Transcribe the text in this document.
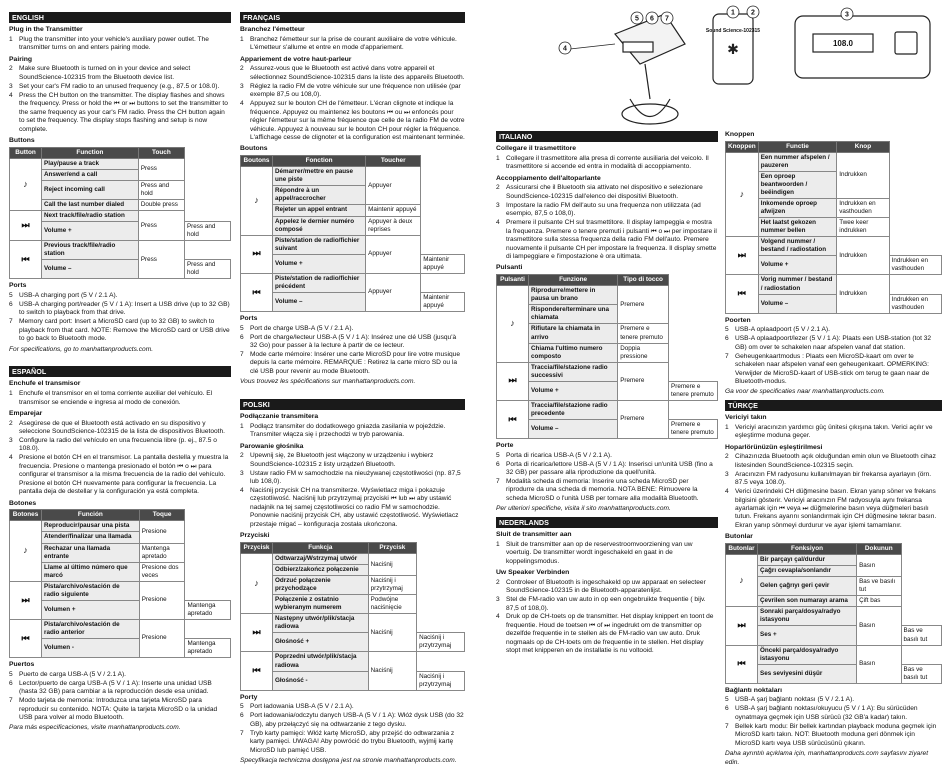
✱
4
5 6 7
1 2	3
Sound Science-102315
108.0
ENGLISH
Plug in the Transmitter
1 Plug the transmitter into your vehicle's auxiliary power outlet. The transmitter turns on and enters pairing mode.
Pairing
2 Make sure Bluetooth is turned on in your device and select SoundScience-102315 from the Bluetooth device list.
3 Set your car's FM radio to an unused frequency (e.g., 87.5 or 108.0).
4 Press the CH button on the transmitter. The display flashes and shows the frequency. Press or hold the ⏮ or ⏭ buttons to set the transmitter to the same frequency as your car's FM radio. Press the CH button again to set the frequency. The display stops flashing and setup is now complete.
Buttons
Button	Function	Touch	
♪	Play/pause a track	Press	
	Answer/end a call		
	Reject incoming call	Press and hold	
	Call the last number dialed	Double press	
⏭	Next track/file/radio station	Press	
	Volume +		Press and hold
⏮	Previous track/file/radio station	Press	
	Volume –		Press and hold
Ports
5 USB-A charging port (5 V / 2.1 A).
6 USB-A charging port/reader (5 V / 1 A): Insert a USB drive (up to 32 GB) to switch to playback from that drive.
7 Memory card port: Insert a MicroSD card (up to 32 GB) to switch to playback from that card. NOTE: Remove the MicroSD card or USB drive to go back to Bluetooth mode.

For specifications, go to manhattanproducts.com.

ESPAÑOL
Enchufe el transmisor
1 Enchufe el transmisor en el toma corriente auxiliar del vehículo. El transmisor se enciende e ingresa al modo de conexión.
Emparejar
2 Asegúrese de que el Bluetooth está activado en su dispositivo y seleccione SoundScience-102315 de la lista de dispositivos Bluetooth.
3 Configure la radio del vehículo en una frecuencia libre (p. ej., 87.5 o 108.0).
4 Presione el botón CH en el transmisor. La pantalla destella y muestra la frecuencia. Presione o mantenga presionado el botón ⏮ o ⏭ para configurar el transmisor a la misma frecuencia de la radio del vehículo. Presione el botón CH nuevamente para configurar la frecuencia. La pantalla deja de destellar y la configuración ya está completa.
Botones
Botones	Función	Toque	
♪	Reproducir/pausar una pista	Presione	
	Atender/finalizar una llamada		
	Rechazar una llamada entrante	Mantenga apretado	
	Llame al último número que marcó	Presione dos veces	
⏭	Pista/archivo/estación de radio siguiente	Presione	
	Volumen +		Mantenga apretado
⏮	Pista/archivo/estación de radio anterior	Presione	
	Volumen -		Mantenga apretado
Puertos
5 Puerto de carga USB-A (5 V / 2.1 A).
6 Lector/puerto de carga USB-A (5 V / 1 A): Inserte una unidad USB (hasta 32 GB) para cambiar a la reproducción desde esa unidad.
7 Modo tarjeta de memoria: Introduzca una tarjeta MicroSD para reproducir su contenido. NOTA: Quite la tarjeta MicroSD o la unidad USB para volver al modo Bluetooth.

Para más especificaciones, visite manhattanproducts.com.

FRANÇAIS
Branchez l'émetteur
1 Branchez l'émetteur sur la prise de courant auxiliaire de votre véhicule. L'émetteur s'allume et entre en mode d'appariement.
Appariement de votre haut-parleur
2 Assurez-vous que le Bluetooth est activé dans votre appareil et sélectionnez SoundScience-102315 dans la liste des appareils Bluetooth.
3 Réglez la radio FM de votre véhicule sur une fréquence non utilisée (par exemple 87,5 ou 108,0).
4 Appuyez sur le bouton CH de l'émetteur. L'écran clignote et indique la fréquence. Appuyez ou maintenez les boutons ⏮ ou ⏭ enfoncés pour régler l'émetteur sur la même fréquence que celle de la radio FM de votre véhicule. Appuyez à nouveau sur le bouton CH pour régler la fréquence. L'affichage cesse de clignoter et la configuration est maintenant terminée.
Boutons
Boutons	Fonction	Toucher	
♪	Démarrer/mettre en pause une piste	Appuyer	
	Répondre à un appel/raccrocher		
	Rejeter un appel entrant	Maintenir appuyé	
	Appelez le dernier numéro composé	Appuyer à deux reprises	
⏭	Piste/station de radio/fichier suivant	Appuyer	
	Volume +		Maintenir appuyé
⏮	Piste/station de radio/fichier précédent	Appuyer	
	Volume –		Maintenir appuyé
Ports
5 Port de charge USB-A (5 V / 2.1 A).
6 Port de charge/lecteur USB-A (5 V / 1 A): Insérez une clé USB (jusqu'à 32 Go) pour passer à la lecture à partir de ce lecteur.
7 Mode carte mémoire: Insérer une carte MicroSD pour lire votre musique depuis la carte mémoire. REMARQUE : Retirez la carte micro SD ou la clé USB pour revenir au mode Bluetooth.

Vous trouvez les spécifications sur manhattanproducts.com.

POLSKI
Podłączanie transmitera
1 Podłącz transmiter do dodatkowego gniazda zasilania w pojeździe. Transmiter włącza się i przechodzi w tryb parowania.
Parowanie głośnika
2 Upewnij się, że Bluetooth jest włączony w urządzeniu i wybierz SoundScience-102315 z listy urządzeń Bluetooth.
3 Ustaw radio FM w samochodzie na nieużywanej częstotliwości (np. 87,5 lub 108,0).
4 Naciśnij przycisk CH na transmiterze. Wyświetlacz miga i pokazuje częstotliwość. Naciśnij lub przytrzymaj przyciski ⏮ lub ⏭ aby ustawić nadajnik na tej samej częstotliwości co radio FM w samochodzie. Ponownie naciśnij przycisk CH, aby ustawić częstotliwość. Wyświetlacz przestaje migać – konfiguracja została ukończona.
Przyciski
Przycisk	Funkcja	Przycisk	
♪	Odtwarzaj/Wstrzymaj utwór	Naciśnij	
	Odbierz/zakończ połączenie		
	Odrzuć połączenie przychodzące	Naciśnij i przytrzymaj	
	Połączenie z ostatnio wybieranym numerem	Podwójne naciśnięcie	
⏭	Następny utwór/plik/stacja radiowa	Naciśnij	
	Głośność +		Naciśnij i przytrzymaj
⏮	Poprzedni utwór/plik/stacja radiowa	Naciśnij	
	Głośność -		Naciśnij i przytrzymaj
Porty
5 Port ładowania USB-A (5 V / 2.1 A).
6 Port ładowania/odczytu danych USB-A (5 V / 1 A): Włóż dysk USB (do 32 GB), aby przełączyć się na odtwarzanie z tego dysku.
7 Tryb karty pamięci: Włóż kartę MicroSD, aby przejść do odtwarzania z karty pamięci. UWAGA! Aby powrócić do trybu Bluetooth, wyjmij kartę MicroSD lub pamięć USB.

Specyfikacja techniczna dostępna jest na stronie manhattanproducts.com.

ITALIANO
Collegare il trasmettitore
1 Collegare il trasmettitore alla presa di corrente ausiliaria del veicolo. Il trasmettitore si accende ed entra in modalità di accoppiamento.
Accoppiamento dell'altoparlante
2 Assicurarsi che il Bluetooth sia attivato nel dispositivo e selezionare SoundScience-102315 dall'elenco dei dispositivi Bluetooth.
3 Impostare la radio FM dell'auto su una frequenza non utilizzata (ad esempio, 87,5 o 108,0).
4 Premere il pulsante CH sul trasmettitore. Il display lampeggia e mostra la frequenza. Premere o tenere premuti i pulsanti ⏮ o ⏭ per impostare il trasmettitore sulla stessa frequenza della radio FM dell'auto. Premere nuovamente il pulsante CH per impostare la frequenza. Il display smette di lampeggiare e l'impostazione è ora ultimata.
Pulsanti
Pulsanti	Funzione	Tipo di tocco	
♪	Riprodurre/mettere in pausa un brano	Premere	
	Rispondere/terminare una chiamata		
	Rifiutare la chiamata in arrivo	Premere e tenere premuto	
	Chiama l'ultimo numero composto	Doppia pressione	
⏭	Traccia/file/stazione radio successivi	Premere	
	Volume +		Premere e tenere premuto
⏮	Traccia/file/stazione radio precedente	Premere	
	Volume –		Premere e tenere premuto
Porte
5 Porta di ricarica USB-A (5 V / 2.1 A).
6 Porta di ricarica/lettore USB-A (5 V / 1 A): Inserisci un'unità USB (fino a 32 GB) per passare alla riproduzione da quell'unità.
7 Modalità scheda di memoria: Inserire una scheda MicroSD per riprodurre da una scheda di memoria. NOTA BENE: Rimuovere la scheda MicroSD o l'unità USB per tornare alla modalità Bluetooth.

Per ulteriori specifiche, visita il sito manhattanproducts.com.

NEDERLANDS
Sluit de transmitter aan
1 Sluit de transmitter aan op de reservestroomvoorziening van uw voertuig. De transmitter wordt ingeschakeld en gaat in de koppelingsmodus.
Uw Speaker Verbinden
2 Controleer of Bluetooth is ingeschakeld op uw apparaat en selecteer SoundScience-102315 in de Bluetooth-apparatenlijst.
3 Stel de FM-radio van uw auto in op een ongebruikte frequentie ( bijv. 87,5 of 108,0).
4 Druk op de CH-toets op de transmitter. Het display knippert en toont de frequentie. Houd de toetsen ⏮ of ⏭ ingedrukt om de transmitter op dezelfde frequentie in te stellen als de FM-radio van uw auto. Druk nogmaals op de CH-toets om de frequentie in te stellen. Het display stopt met knipperen en de installatie is nu voltooid.
Knoppen
Knoppen	Functie	Knop	
♪	Een nummer afspelen / pauzeren	Indrukken	
	Een oproep beantwoorden / beëindigen		
	Inkomende oproep afwijzen	Indrukken en vasthouden	
	Het laatst gekozen nummer bellen	Twee keer indrukken	
⏭	Volgend nummer / bestand / radiostation	Indrukken	
	Volume +		Indrukken en vasthouden
⏮	Vorig nummer / bestand / radiostation	Indrukken	
	Volume –		Indrukken en vasthouden
Poorten
5 USB-A oplaadpoort (5 V / 2.1 A).
6 USB-A oplaadpoort/lezer (5 V / 1 A): Plaats een USB-station (tot 32 GB) om over te schakelen naar afspelen vanaf dat station.
7 Geheugenkaartmodus : Plaats een MicroSD-kaart om over te schakelen naar afspelen vanaf een geheugenkaart. OPMERKING: Verwijder de MicroSD-kaart of USB-stick om terug te gaan naar de Bluetooth-modus.

Ga voor de specificaties naar manhattanproducts.com.

TÜRKÇE
Vericiyi takın
1 Vericiyi aracınızın yardımcı güç ünitesi çıkışına takın. Verici açılır ve eşleştirme moduna geçer.
Hoparlörünüzün eşleştirilmesi
2 Cihazınızda Bluetooth açık olduğundan emin olun ve Bluetooth cihaz listesinden SoundScience-102315 seçin.
3 Aracınızın FM radyosunu kullanılmayan bir frekansa ayarlayın (örn. 87.5 veya 108.0).
4 Verici üzerindeki CH düğmesine basın. Ekran yanıp söner ve frekans bilgisini gösterir. Vericiyi aracınızın FM radyosuyla aynı frekansa ayarlamak için ⏮ veya ⏭ düğmelerine basın veya düğmeleri basılı tutun. Frekans ayarını sonlandırmak için CH düğmesine tekrar basın. Ekran yanıp sönmeyi durdurur ve ayar işlemi tamamlanır.
Butonlar
Butonlar	Fonksiyon	Dokunun	
♪	Bir parçayı çal/durdur	Basın	
	Çağrı cevapla/sonlandır		
	Gelen çağrıyı geri çevir	Bas ve basılı tut	
	Çevrilen son numarayı arama	Çift bas	
⏭	Sonraki parça/dosya/radyo istasyonu	Basın	
	Ses +		Bas ve basılı tut
⏮	Önceki parça/dosya/radyo istasyonu	Basın	
	Ses seviyesini düşür		Bas ve basılı tut
Bağlantı noktaları
5 USB-A şarj bağlantı noktası (5 V / 2.1 A).
6 USB-A şarj bağlantı noktası/okuyucu (5 V / 1 A): Bu sürücüden oynatmaya geçmek için USB sürücü (32 GB'a kadar) takın.
7 Bellek kartı modu: Bir bellek kartından playback moduna geçmek için MicroSD kartı takın. NOT: Bluetooth moduna geri dönmek için MicroSD kartı veya USB sürücüsünü çıkarın.

Daha ayrıntılı açıklama için, manhattanproducts.com sayfasını ziyaret edin.
